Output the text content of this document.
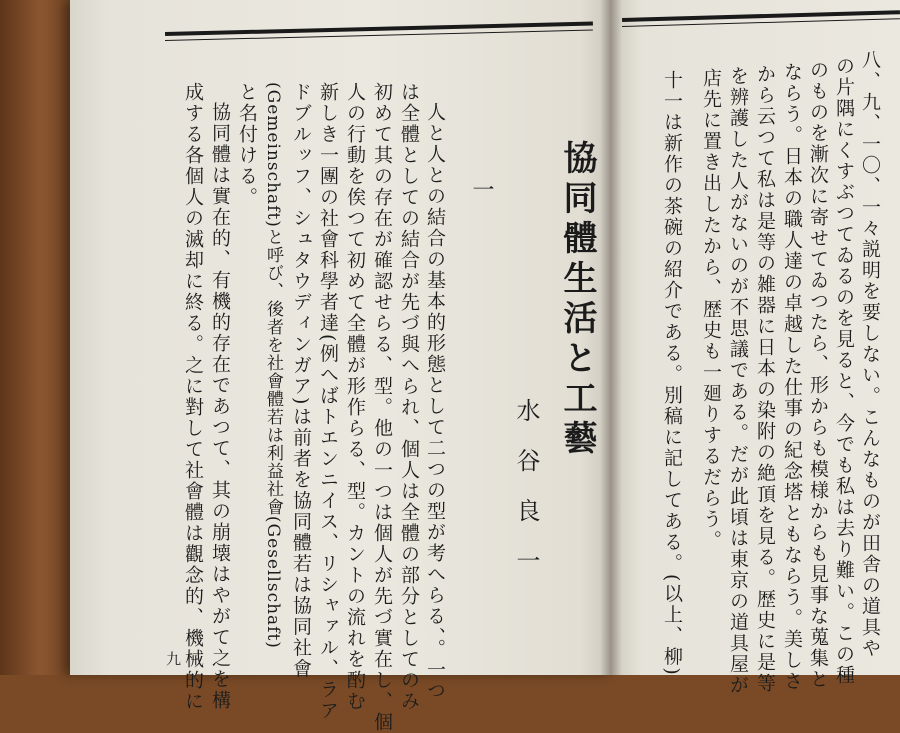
八、九、一〇、一々説明を要しない。こんなものが田舎の道具や
の片隅にくすぶつてゐるのを見ると、今でも私は去り難い。この種
のものを漸次に寄せてゐつたら、形からも模様からも見事な蒐集と
ならう。日本の職人達の卓越した仕事の紀念塔ともならう。美しさ
から云つて私は是等の雑器に日本の染附の絶頂を見る。歴史に是等
を辨護した人がないのが不思議である。だが此頃は東京の道具屋が
店先に置き出したから、歴史も一廻りするだらう。
十一は新作の茶碗の紹介である。別稿に記してある。(以上、柳)
協同體生活と工藝
水谷良一
一
人と人との結合の基本的形態として二つの型が考へらる、。一つ
は全體としての結合が先づ與へられ、個人は全體の部分としてのみ
初めて其の存在が確認せらる、型。他の一つは個人が先づ實在し、個
人の行動を俟つて初めて全體が形作らる、型。カントの流れを酌む
新しき一團の社會科學者達(例へばトエンニイス、リシャァル、ラア
ドブルッフ、シュタウディンガア)は前者を協同體若は協同社會
(Gemeinschaft)と呼び、後者を社會體若は利益社會(Gesellschaft)
と名付ける。
協同體は實在的、有機的存在であつて、其の崩壊はやがて之を構
成する各個人の滅却に終る。之に對して社會體は觀念的、機械的に
九
